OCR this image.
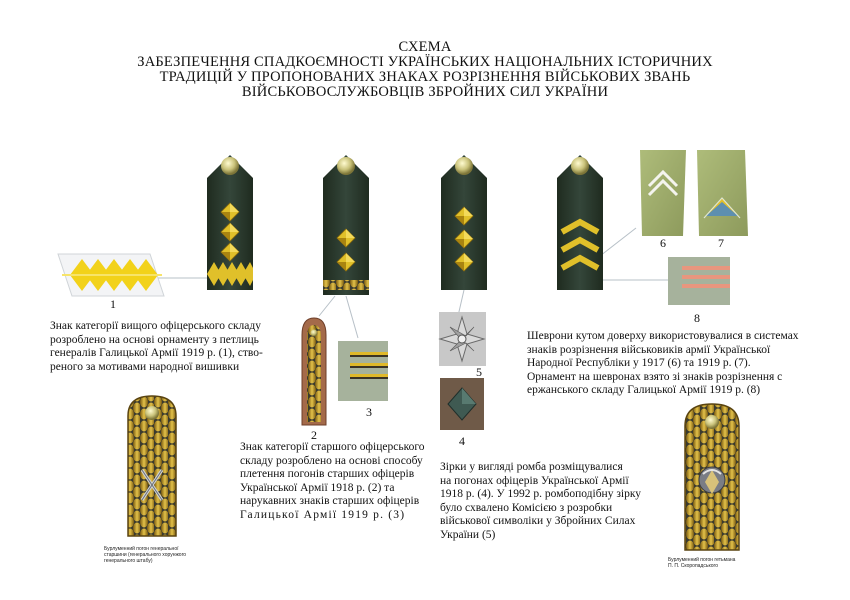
СХЕМА
ЗАБЕЗПЕЧЕННЯ СПАДКОЄМНОСТІ УКРАЇНСЬКИХ НАЦІОНАЛЬНИХ ІСТОРИЧНИХ
ТРАДИЦІЙ У ПРОПОНОВАНИХ ЗНАКАХ РОЗРІЗНЕННЯ ВІЙСЬКОВИХ ЗВАНЬ
ВІЙСЬКОВОСЛУЖБОВЦІВ ЗБРОЙНИХ СИЛ УКРАЇНИ
1
2
3
4
5
6	7
8
Знак категорії вищого офіцерського складу
розроблено на основі орнаменту з петлиць
генералів Галицької Армії 1919 р. (1), ство-
реного за мотивами народної вишивки
Знак категорії старшого офіцерського
складу розроблено на основі способу
плетення погонів старших офіцерів
Української Армії 1918 р. (2) та
нарукавних знаків старших офіцерів
Галицької Армії 1919 р. (3)
Зірки у вигляді ромба розміщувалися
на погонах офіцерів Української Армії
1918 р. (4). У 1992 р. ромбоподібну зірку
було схвалено Комісією з розробки
військової символіки у Збройних Силах
України (5)
Шеврони кутом доверху використовувалися в системах
знаків розрізнення військовиків армії Української
Народної Республіки у 1917 (6) та 1919 р. (7).
Орнамент на шевронах взято зі знаків розрізнення с
ержанського складу Галицької Армії 1919 р. (8)
Бурлуменний погон генеральної
старшини (генерального хорунжого
генерального штабу)	Бурлуменний погон гетьмана
П. П. Скоропадського
